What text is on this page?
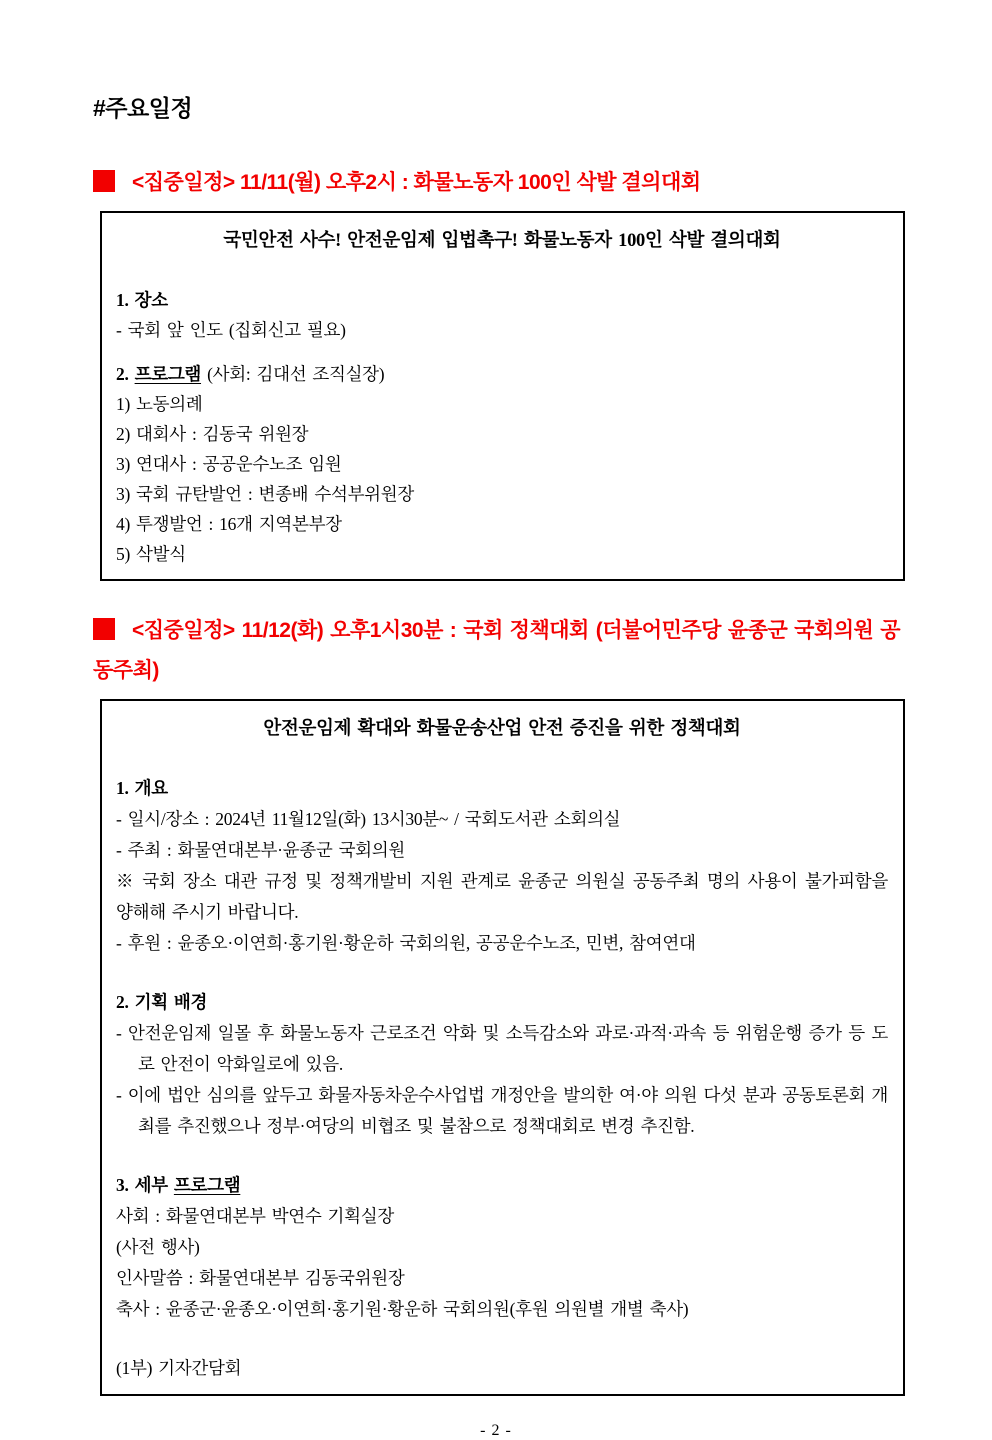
#주요일정
<집중일정> 11/11(월) 오후2시 : 화물노동자 100인 삭발 결의대회
국민안전 사수! 안전운임제 입법촉구! 화물노동자 100인 삭발 결의대회
1. 장소
- 국회 앞 인도 (집회신고 필요)
2. 프로그램 (사회: 김대선 조직실장)
1) 노동의례
2) 대회사 : 김동국 위원장
3) 연대사 : 공공운수노조 임원
3) 국회 규탄발언 : 변종배 수석부위원장
4) 투쟁발언 : 16개 지역본부장
5) 삭발식
<집중일정> 11/12(화) 오후1시30분 : 국회 정책대회 (더불어민주당 윤종군 국회의원 공동주최)
안전운임제 확대와 화물운송산업 안전 증진을 위한 정책대회
1. 개요
- 일시/장소 : 2024년 11월12일(화) 13시30분~ / 국회도서관 소회의실
- 주최 : 화물연대본부·윤종군 국회의원
※ 국회 장소 대관 규정 및 정책개발비 지원 관계로 윤종군 의원실 공동주최 명의 사용이 불가피함을 양해해 주시기 바랍니다.
- 후원 : 윤종오·이연희·홍기원·황운하 국회의원, 공공운수노조, 민변, 참여연대
2. 기획 배경
- 안전운임제 일몰 후 화물노동자 근로조건 악화 및 소득감소와 과로·과적·과속 등 위험운행 증가 등 도로 안전이 악화일로에 있음.
- 이에 법안 심의를 앞두고 화물자동차운수사업법 개정안을 발의한 여·야 의원 다섯 분과 공동토론회 개최를 추진했으나 정부·여당의 비협조 및 불참으로 정책대회로 변경 추진함.
3. 세부 프로그램
사회 : 화물연대본부 박연수 기획실장
(사전 행사)
인사말씀 : 화물연대본부 김동국위원장
축사 : 윤종군·윤종오·이연희·홍기원·황운하 국회의원(후원 의원별 개별 축사)
(1부) 기자간담회
- 2 -
